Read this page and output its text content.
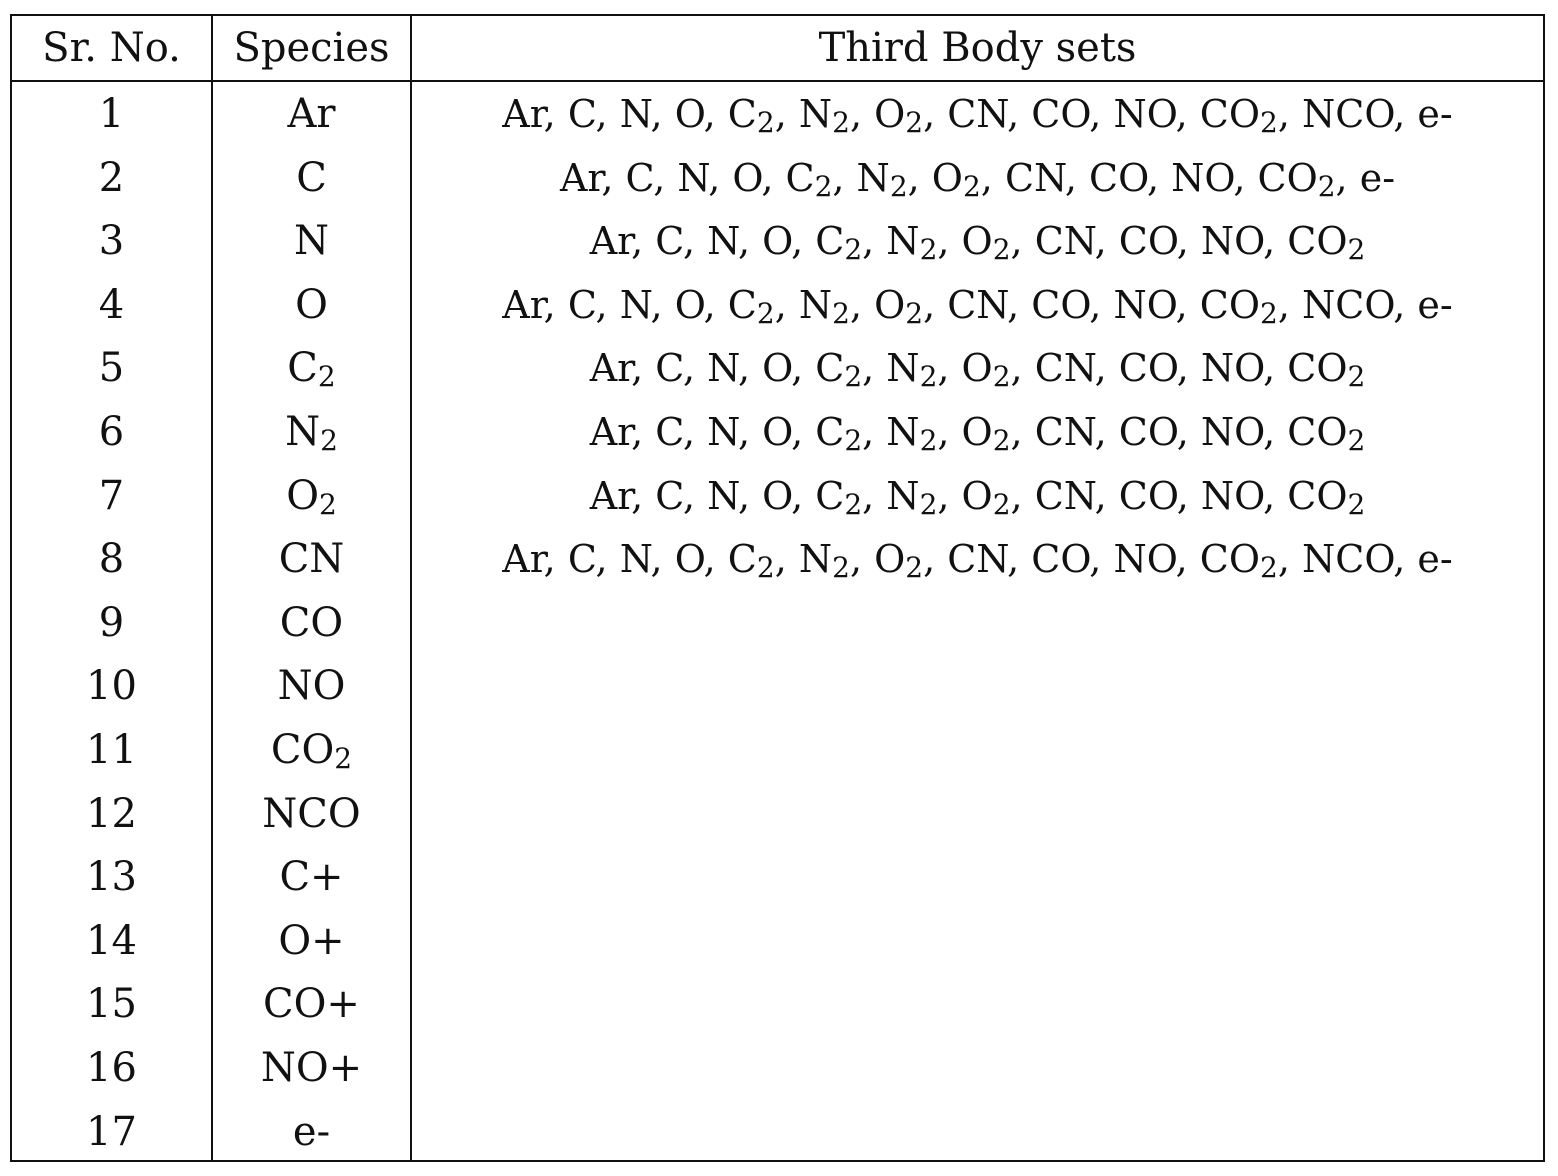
Sr. No.	Species	Third Body sets
1	Ar	Ar, C, N, O, C 2 , N 2 , O 2 , CN, CO, NO, CO 2 , NCO, e-
2	C	Ar, C, N, O, C 2 , N 2 , O 2 , CN, CO, NO, CO 2 , e-
3	N	Ar, C, N, O, C 2 , N 2 , O 2 , CN, CO, NO, CO 2
4	O	Ar, C, N, O, C 2 , N 2 , O 2 , CN, CO, NO, CO 2 , NCO, e-
5	C 2	Ar, C, N, O, C 2 , N 2 , O 2 , CN, CO, NO, CO 2
6	N 2	Ar, C, N, O, C 2 , N 2 , O 2 , CN, CO, NO, CO 2
7	O 2	Ar, C, N, O, C 2 , N 2 , O 2 , CN, CO, NO, CO 2
8	CN	Ar, C, N, O, C 2 , N 2 , O 2 , CN, CO, NO, CO 2 , NCO, e-
9	CO
10	NO
11	CO 2
12	NCO
13	C+
14	O+
15	CO+
16	NO+
17	e-
